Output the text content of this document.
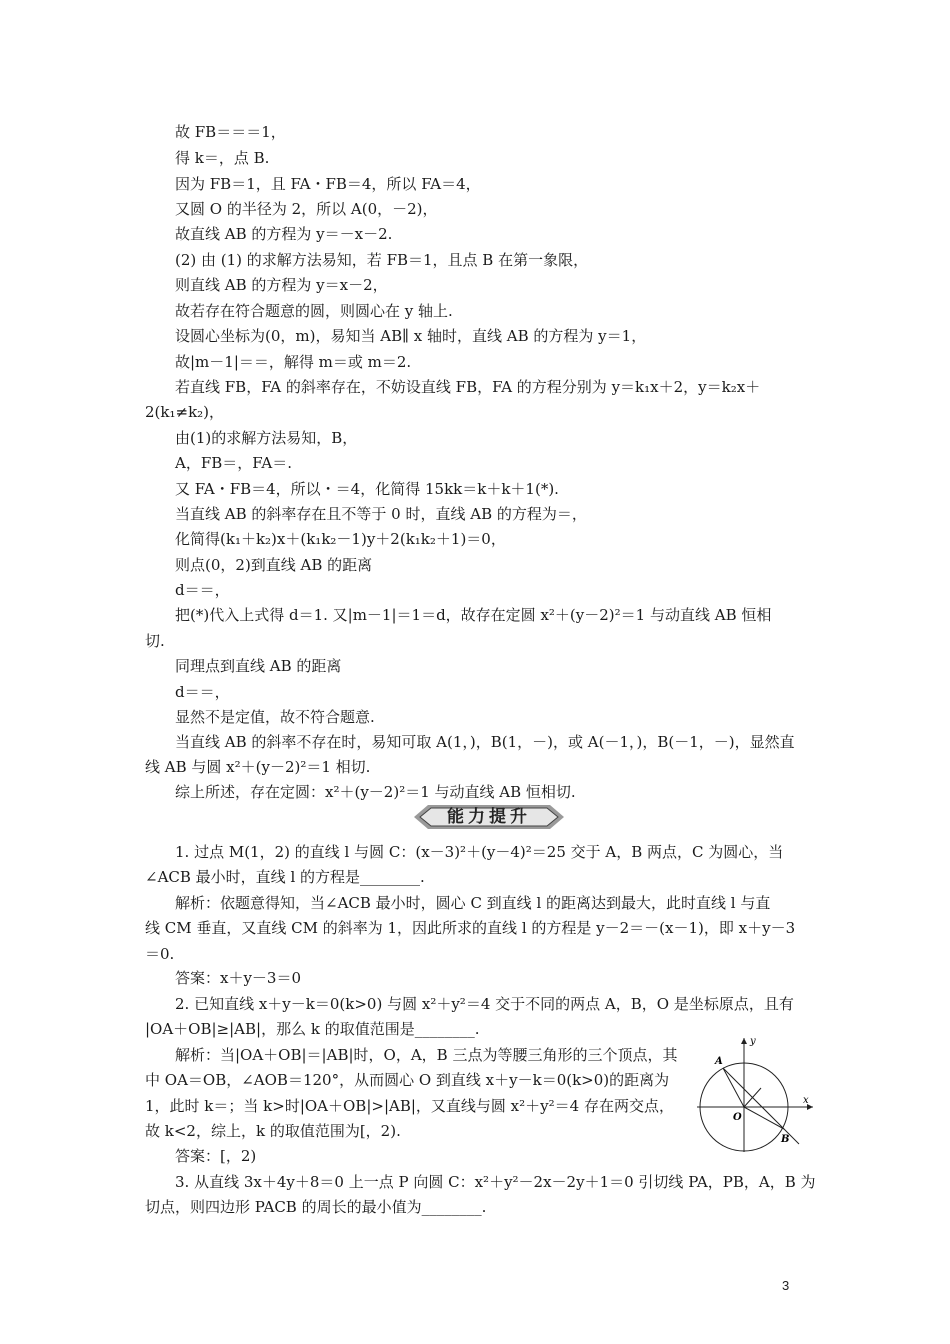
故 FB＝＝＝1，
得 k＝，点 B.
因为 FB＝1，且 FA・FB＝4，所以 FA＝4，
又圆 O 的半径为 2，所以 A(0，－2)，
故直线 AB 的方程为 y＝－x－2.
(2) 由 (1) 的求解方法易知，若 FB＝1，且点 B 在第一象限，
则直线 AB 的方程为 y＝x－2，
故若存在符合题意的圆，则圆心在 y 轴上.
设圆心坐标为(0，m)，易知当 AB∥ x 轴时，直线 AB 的方程为 y＝1，
故|m－1|＝＝，解得 m＝或 m＝2.
若直线 FB，FA 的斜率存在，不妨设直线 FB，FA 的方程分别为 y＝k₁x＋2，y＝k₂x＋
2(k₁≠k₂)，
由(1)的求解方法易知，B，
A，FB＝，FA＝.
又 FA・FB＝4，所以・＝4，化简得 15kk＝k＋k＋1(*).
当直线 AB 的斜率存在且不等于 0 时，直线 AB 的方程为＝，
化简得(k₁＋k₂)x＋(k₁k₂－1)y＋2(k₁k₂＋1)＝0，
则点(0，2)到直线 AB 的距离
d＝＝，
把(*)代入上式得 d＝1. 又|m－1|＝1＝d，故存在定圆 x²＋(y－2)²＝1 与动直线 AB 恒相
切.
同理点到直线 AB 的距离
d＝＝，
显然不是定值，故不符合题意.
当直线 AB 的斜率不存在时，易知可取 A(1，)，B(1，－)，或 A(－1，)，B(－1，－)，显然直
线 AB 与圆 x²＋(y－2)²＝1 相切.
综上所述，存在定圆：x²＋(y－2)²＝1 与动直线 AB 恒相切.
能力提升
1. 过点 M(1，2) 的直线 l 与圆 C：(x－3)²＋(y－4)²＝25 交于 A，B 两点，C 为圆心，当
∠ACB 最小时，直线 l 的方程是________.
解析：依题意得知，当∠ACB 最小时，圆心 C 到直线 l 的距离达到最大，此时直线 l 与直
线 CM 垂直，又直线 CM 的斜率为 1，因此所求的直线 l 的方程是 y－2＝－(x－1)，即 x＋y－3
＝0.
答案：x＋y－3＝0
2. 已知直线 x＋y－k＝0(k>0) 与圆 x²＋y²＝4 交于不同的两点 A，B，O 是坐标原点，且有
|OA＋OB|≥|AB|，那么 k 的取值范围是________.
解析：当|OA＋OB|＝|AB|时，O，A，B 三点为等腰三角形的三个顶点，其
中 OA＝OB，∠AOB＝120°，从而圆心 O 到直线 x＋y－k＝0(k>0)的距离为
1，此时 k＝；当 k>时|OA＋OB|>|AB|，又直线与圆 x²＋y²＝4 存在两交点，
故 k<2，综上，k 的取值范围为[，2).
答案：[，2)
3. 从直线 3x＋4y＋8＝0 上一点 P 向圆 C：x²＋y²－2x－2y＋1＝0 引切线 PA，PB，A，B 为
切点，则四边形 PACB 的周长的最小值为________.
y
x
A
O
B
3
